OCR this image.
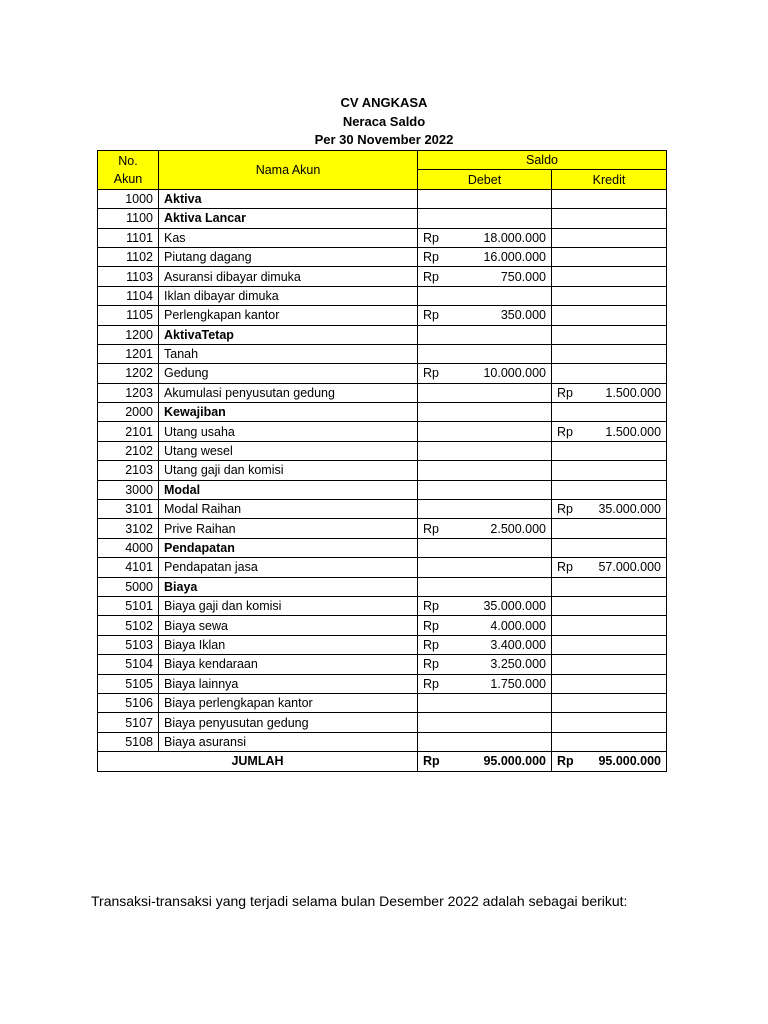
CV ANGKASA
Neraca Saldo
Per 30 November 2022
No.
Akun	Nama Akun	Saldo	
		Debet	Kredit
1000	Aktiva		
1100	Aktiva Lancar		
1101	Kas	Rp 18.000.000	

1102	Piutang dagang	Rp 16.000.000	

1103	Asuransi dibayar dimuka	Rp 750.000	

1104	Iklan dibayar dimuka		
1105	Perlengkapan kantor	Rp 350.000	

1200	AktivaTetap		
1201	Tanah		
1202	Gedung	Rp 10.000.000	

1203	Akumulasi penyusutan gedung		Rp 1.500.000

2000	Kewajiban		
2101	Utang usaha		Rp 1.500.000

2102	Utang wesel		
2103	Utang gaji dan komisi		
3000	Modal		
3101	Modal Raihan		Rp 35.000.000

3102	Prive Raihan	Rp 2.500.000	

4000	Pendapatan		
4101	Pendapatan jasa		Rp 57.000.000

5000	Biaya		
5101	Biaya gaji dan komisi	Rp 35.000.000	

5102	Biaya sewa	Rp 4.000.000	

5103	Biaya Iklan	Rp 3.400.000	

5104	Biaya kendaraan	Rp 3.250.000	

5105	Biaya lainnya	Rp 1.750.000	

5106	Biaya perlengkapan kantor		
5107	Biaya penyusutan gedung		
5108	Biaya asuransi		
JUMLAH		Rp 95.000.000	Rp 95.000.000
Transaksi-transaksi yang terjadi selama bulan Desember 2022 adalah sebagai berikut:
